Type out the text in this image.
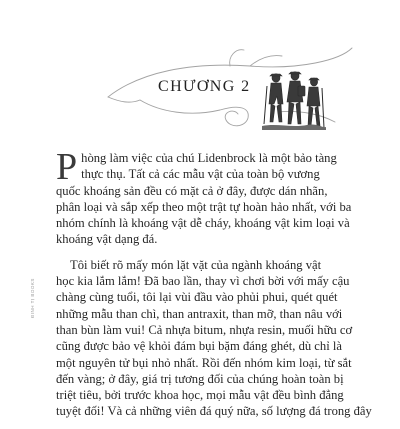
CHƯƠNG 2
P hòng làm việc của chú Lidenbrock là một bảo tàng
thực thụ. Tất cả các mẫu vật của toàn bộ vương
quốc khoáng sản đều có mặt cả ở đây, được dán nhãn,
phân loại và sắp xếp theo một trật tự hoàn hảo nhất, với ba
nhóm chính là khoáng vật dễ cháy, khoáng vật kim loại và
khoáng vật dạng đá.
Tôi biết rõ mấy món lặt vặt của ngành khoáng vật
học kia lắm lắm! Đã bao lần, thay vì chơi bời với mấy cậu
chàng cùng tuổi, tôi lại vùi đầu vào phủi phui, quét quét
những mẫu than chì, than antraxit, than mỡ, than nâu với
than bùn làm vui! Cả nhựa bitum, nhựa resin, muối hữu cơ
cũng được bảo vệ khỏi đám bụi bặm đáng ghét, dù chỉ là
một nguyên tử bụi nhỏ nhất. Rồi đến nhóm kim loại, từ sắt
đến vàng; ở đây, giá trị tương đối của chúng hoàn toàn bị
triệt tiêu, bởi trước khoa học, mọi mẫu vật đều bình đẳng
tuyệt đối! Và cả những viên đá quý nữa, số lượng đá trong đây
ĐINH TỊ BOOKS
